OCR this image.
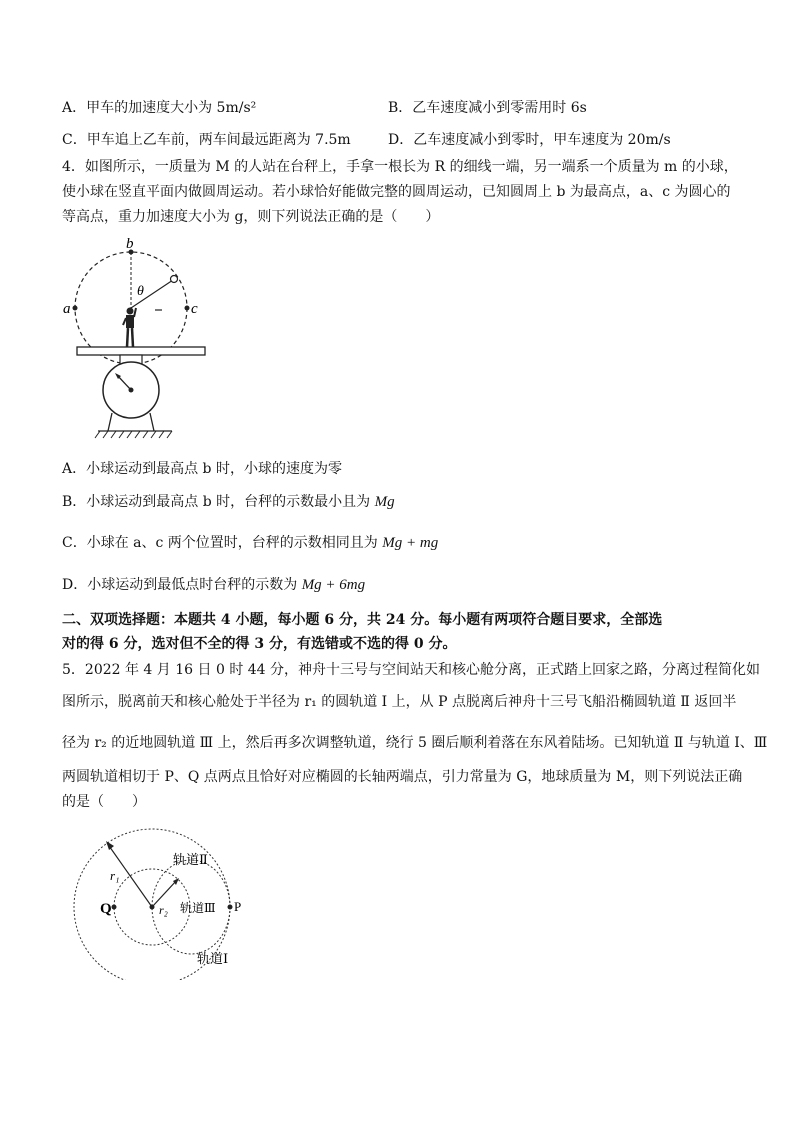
A．甲车的加速度大小为 5m/s²	B．乙车速度减小到零需用时 6s
C．甲车追上乙车前，两车间最远距离为 7.5m	D．乙车速度减小到零时，甲车速度为 20m/s
4．如图所示，一质量为 M 的人站在台秤上，手拿一根长为 R 的细线一端，另一端系一个质量为 m 的小球，
使小球在竖直平面内做圆周运动。若小球恰好能做完整的圆周运动，已知圆周上 b 为最高点，a、c 为圆心的
等高点，重力加速度大小为 g，则下列说法正确的是（　　）
b
a	c
θ
A．小球运动到最高点 b 时，小球的速度为零
B．小球运动到最高点 b 时，台秤的示数最小且为 Mg
C．小球在 a、c 两个位置时，台秤的示数相同且为 Mg + mg
D．小球运动到最低点时台秤的示数为 Mg + 6mg
二、双项选择题：本题共 4 小题，每小题 6 分，共 24 分。每小题有两项符合题目要求，全部选
对的得 6 分，选对但不全的得 3 分，有选错或不选的得 0 分。
5．2022 年 4 月 16 日 0 时 44 分，神舟十三号与空间站天和核心舱分离，正式踏上回家之路，分离过程简化如
图所示，脱离前天和核心舱处于半径为 r₁ 的圆轨道 Ⅰ 上，从 P 点脱离后神舟十三号飞船沿椭圆轨道 Ⅱ 返回半
径为 r₂ 的近地圆轨道 Ⅲ 上，然后再多次调整轨道，绕行 5 圈后顺利着落在东风着陆场。已知轨道 Ⅱ 与轨道 Ⅰ、Ⅲ
两圆轨道相切于 P、Q 点两点且恰好对应椭圆的长轴两端点，引力常量为 G，地球质量为 M，则下列说法正确
的是（　　）
轨道Ⅱ
轨道Ⅲ
轨道Ⅰ
r₁
r₂
Q	P
